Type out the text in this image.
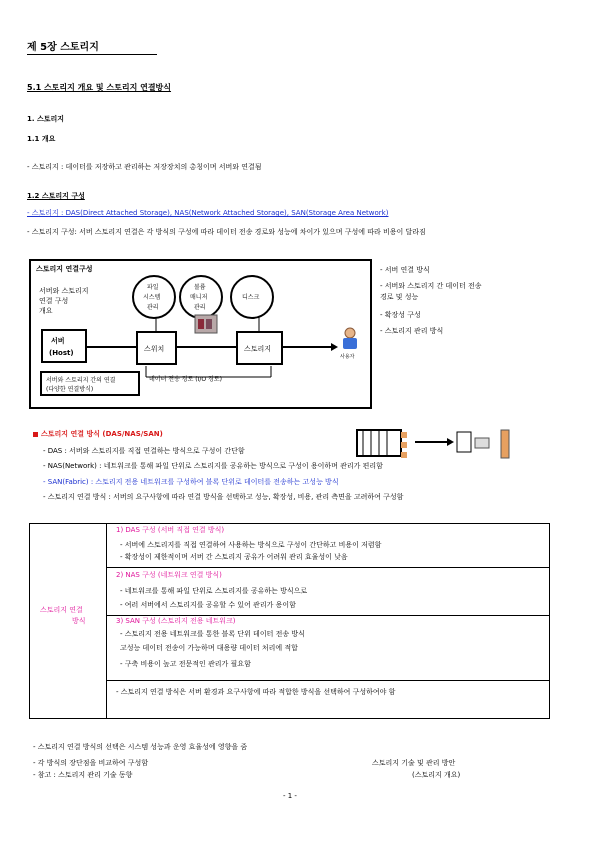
제 5장 스토리지
5.1 스토리지 개요 및 스토리지 연결방식
1. 스토리지
1.1 개요
- 스토리지 : 데이터를 저장하고 관리하는 저장장치의 총칭이며 서버와 연결됨
1.2 스토리지 구성
- 스토리지 : DAS(Direct Attached Storage), NAS(Network Attached Storage), SAN(Storage Area Network)
- 스토리지 구성: 서버 스토리지 연결은 각 방식의 구성에 따라 데이터 전송 경로와 성능에 차이가 있으며 구성에 따라 비용이 달라짐
스토리지 연결구성
서버와 스토리지
연결 구성
개요
서버
(Host)
파일
시스템
관리
볼륨
매니저
관리
디스크
스위치	스토리지
사용자
서버와 스토리지 간의 연결
(다양한 연결방식)
데이터 전송 경로 (I/O 경로)
- 서버 연결 방식
- 서버와 스토리지 간 데이터 전송
경로 및 성능
- 확장성 구성
- 스토리지 관리 방식
스토리지 연결 방식 (DAS/NAS/SAN)
- DAS : 서버와 스토리지를 직접 연결하는 방식으로 구성이 간단함
- NAS(Network) : 네트워크를 통해 파일 단위로 스토리지를 공유하는 방식으로 구성이 용이하며 관리가 편리함
- SAN(Fabric) : 스토리지 전용 네트워크를 구성하여 블록 단위로 데이터를 전송하는 고성능 방식
- 스토리지 연결 방식 : 서버의 요구사항에 따라 연결 방식을 선택하고 성능, 확장성, 비용, 관리 측면을 고려하여 구성함
스토리지 연결
방식
1) DAS 구성 (서버 직접 연결 방식)
- 서버에 스토리지를 직접 연결하여 사용하는 방식으로 구성이 간단하고 비용이 저렴함
- 확장성이 제한적이며 서버 간 스토리지 공유가 어려워 관리 효율성이 낮음
2) NAS 구성 (네트워크 연결 방식)
- 네트워크를 통해 파일 단위로 스토리지를 공유하는 방식으로
- 여러 서버에서 스토리지를 공유할 수 있어 관리가 용이함
3) SAN 구성 (스토리지 전용 네트워크)
- 스토리지 전용 네트워크를 통한 블록 단위 데이터 전송 방식
고성능 데이터 전송이 가능하며 대용량 데이터 처리에 적합
- 구축 비용이 높고 전문적인 관리가 필요함
- 스토리지 연결 방식은 서버 환경과 요구사항에 따라 적합한 방식을 선택하여 구성하여야 함
- 스토리지 연결 방식의 선택은 시스템 성능과 운영 효율성에 영향을 줌
- 각 방식의 장단점을 비교하여 구성함
- 참고 : 스토리지 관리 기술 동향
스토리지 기술 및 관리 방안
(스토리지 개요)
- 1 -
